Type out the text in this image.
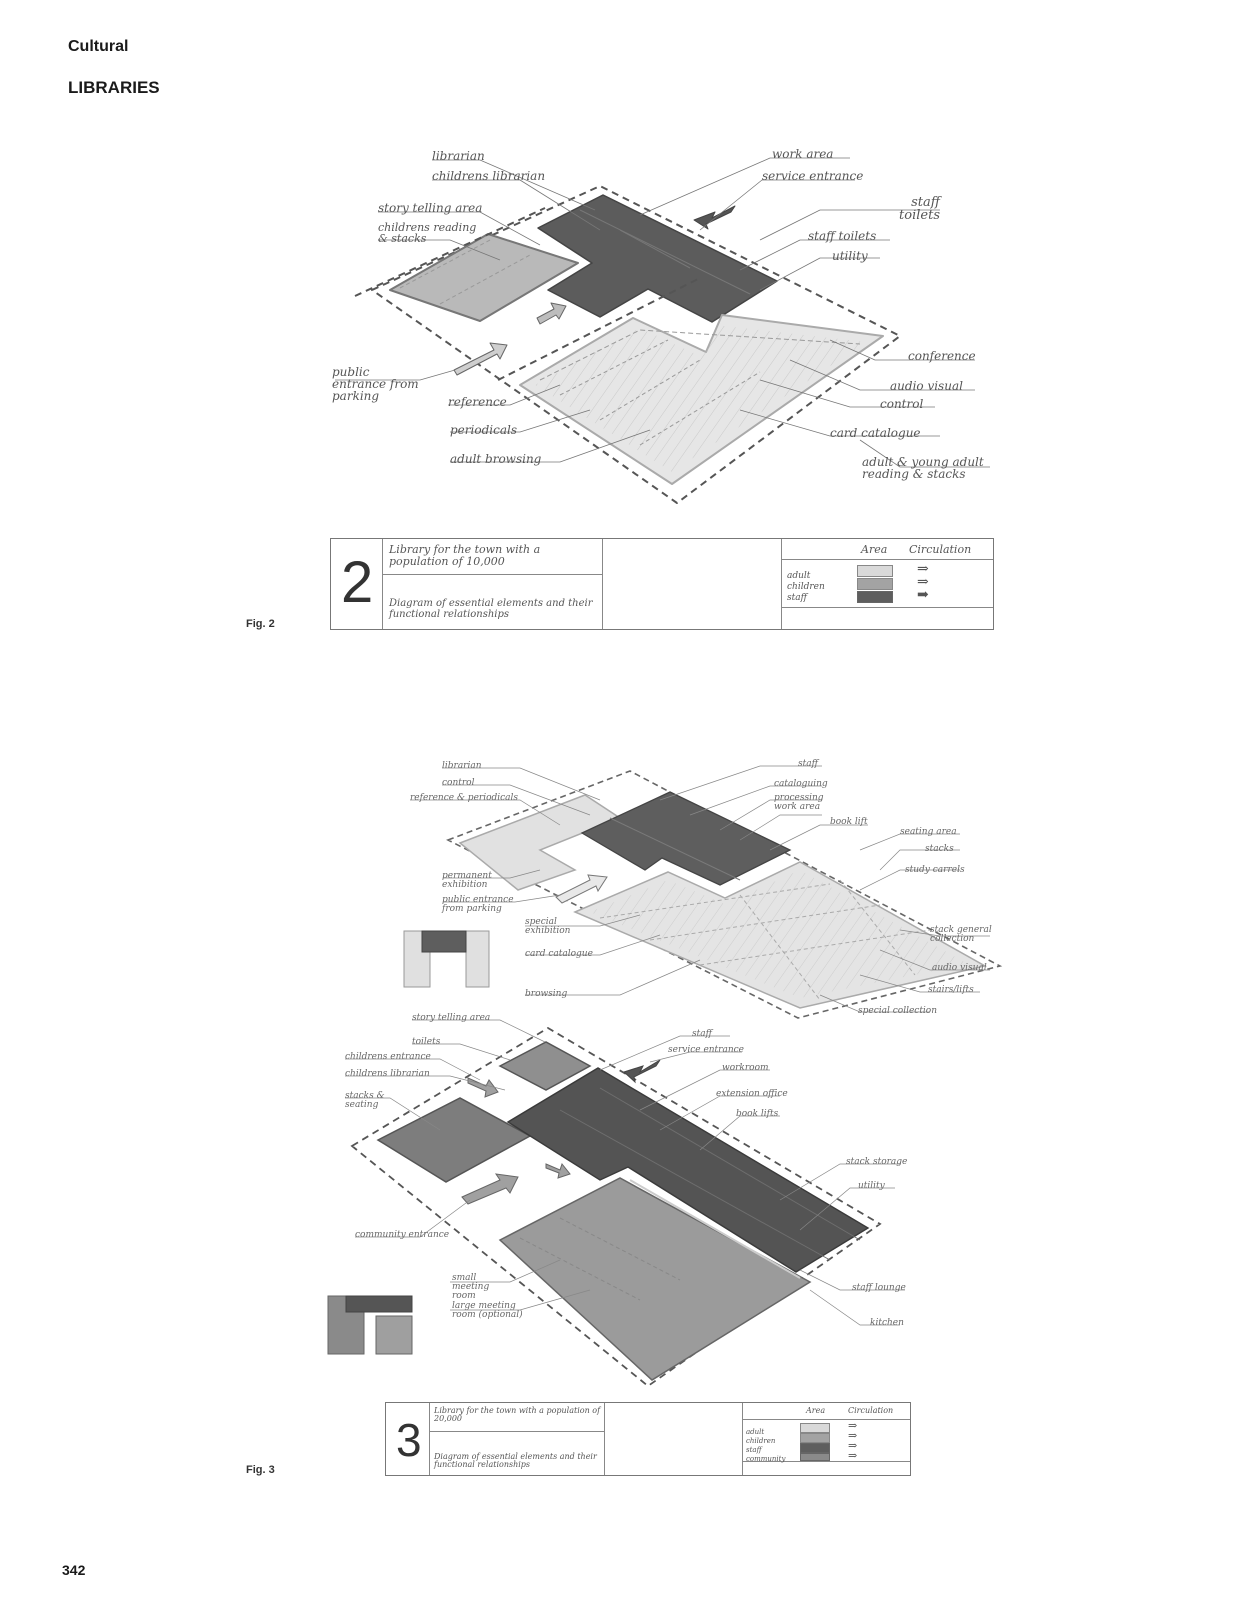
Cultural
LIBRARIES
librarian
childrens librarian
story telling area
childrens reading & stacks
work area
service entrance
staff toilets
staff toilets
utility
conference
audio visual
control
card catalogue
adult & young adult reading & stacks
public entrance from parking	reference
periodicals
adult browsing
2
Library for the town with a population of 10,000
Diagram of essential elements and their functional relationships
Area Circulation
adult
children
staff
⇒
⇒
➡
Fig. 2
librarian
control
reference & periodicals
staff
cataloguing
processing work area
book lift
seating area
stacks
study carrels
permanent exhibition
public entrance from parking
special exhibition
card catalogue
browsing
stack general collection
audio visual
stairs/lifts
special collection
story telling area
toilets
childrens entrance
childrens librarian
stacks & seating
staff
service entrance
workroom
extension office
book lifts
stack storage
utility
community entrance
small meeting room
large meeting room (optional)
staff lounge
kitchen
3
Library for the town with a population of 20,000
Diagram of essential elements and their functional relationships
Area	Circulation
adult
children
staff
community
⇒
⇒
⇒
⇒
Fig. 3
342
